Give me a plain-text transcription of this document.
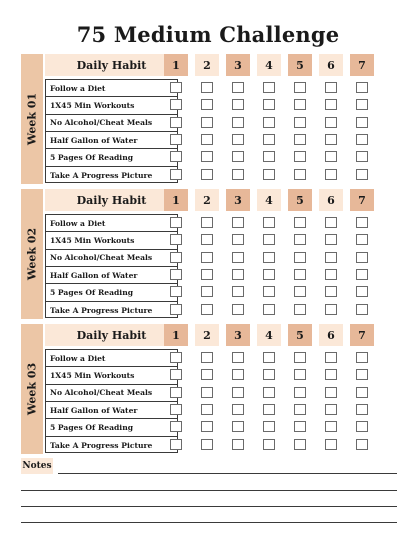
75 Medium Challenge
Week 01
Daily Habit	1	2	3	4	5	6	7
Follow a Diet
1X45 Min Workouts
No Alcohol/Cheat Meals
Half Gallon of Water
5 Pages Of Reading
Take A Progress Picture
Week 02
Daily Habit	1	2	3	4	5	6	7
Follow a Diet
1X45 Min Workouts
No Alcohol/Cheat Meals
Half Gallon of Water
5 Pages Of Reading
Take A Progress Picture
Week 03
Daily Habit	1	2	3	4	5	6	7
Follow a Diet
1X45 Min Workouts
No Alcohol/Cheat Meals
Half Gallon of Water
5 Pages Of Reading
Take A Progress Picture
Notes
